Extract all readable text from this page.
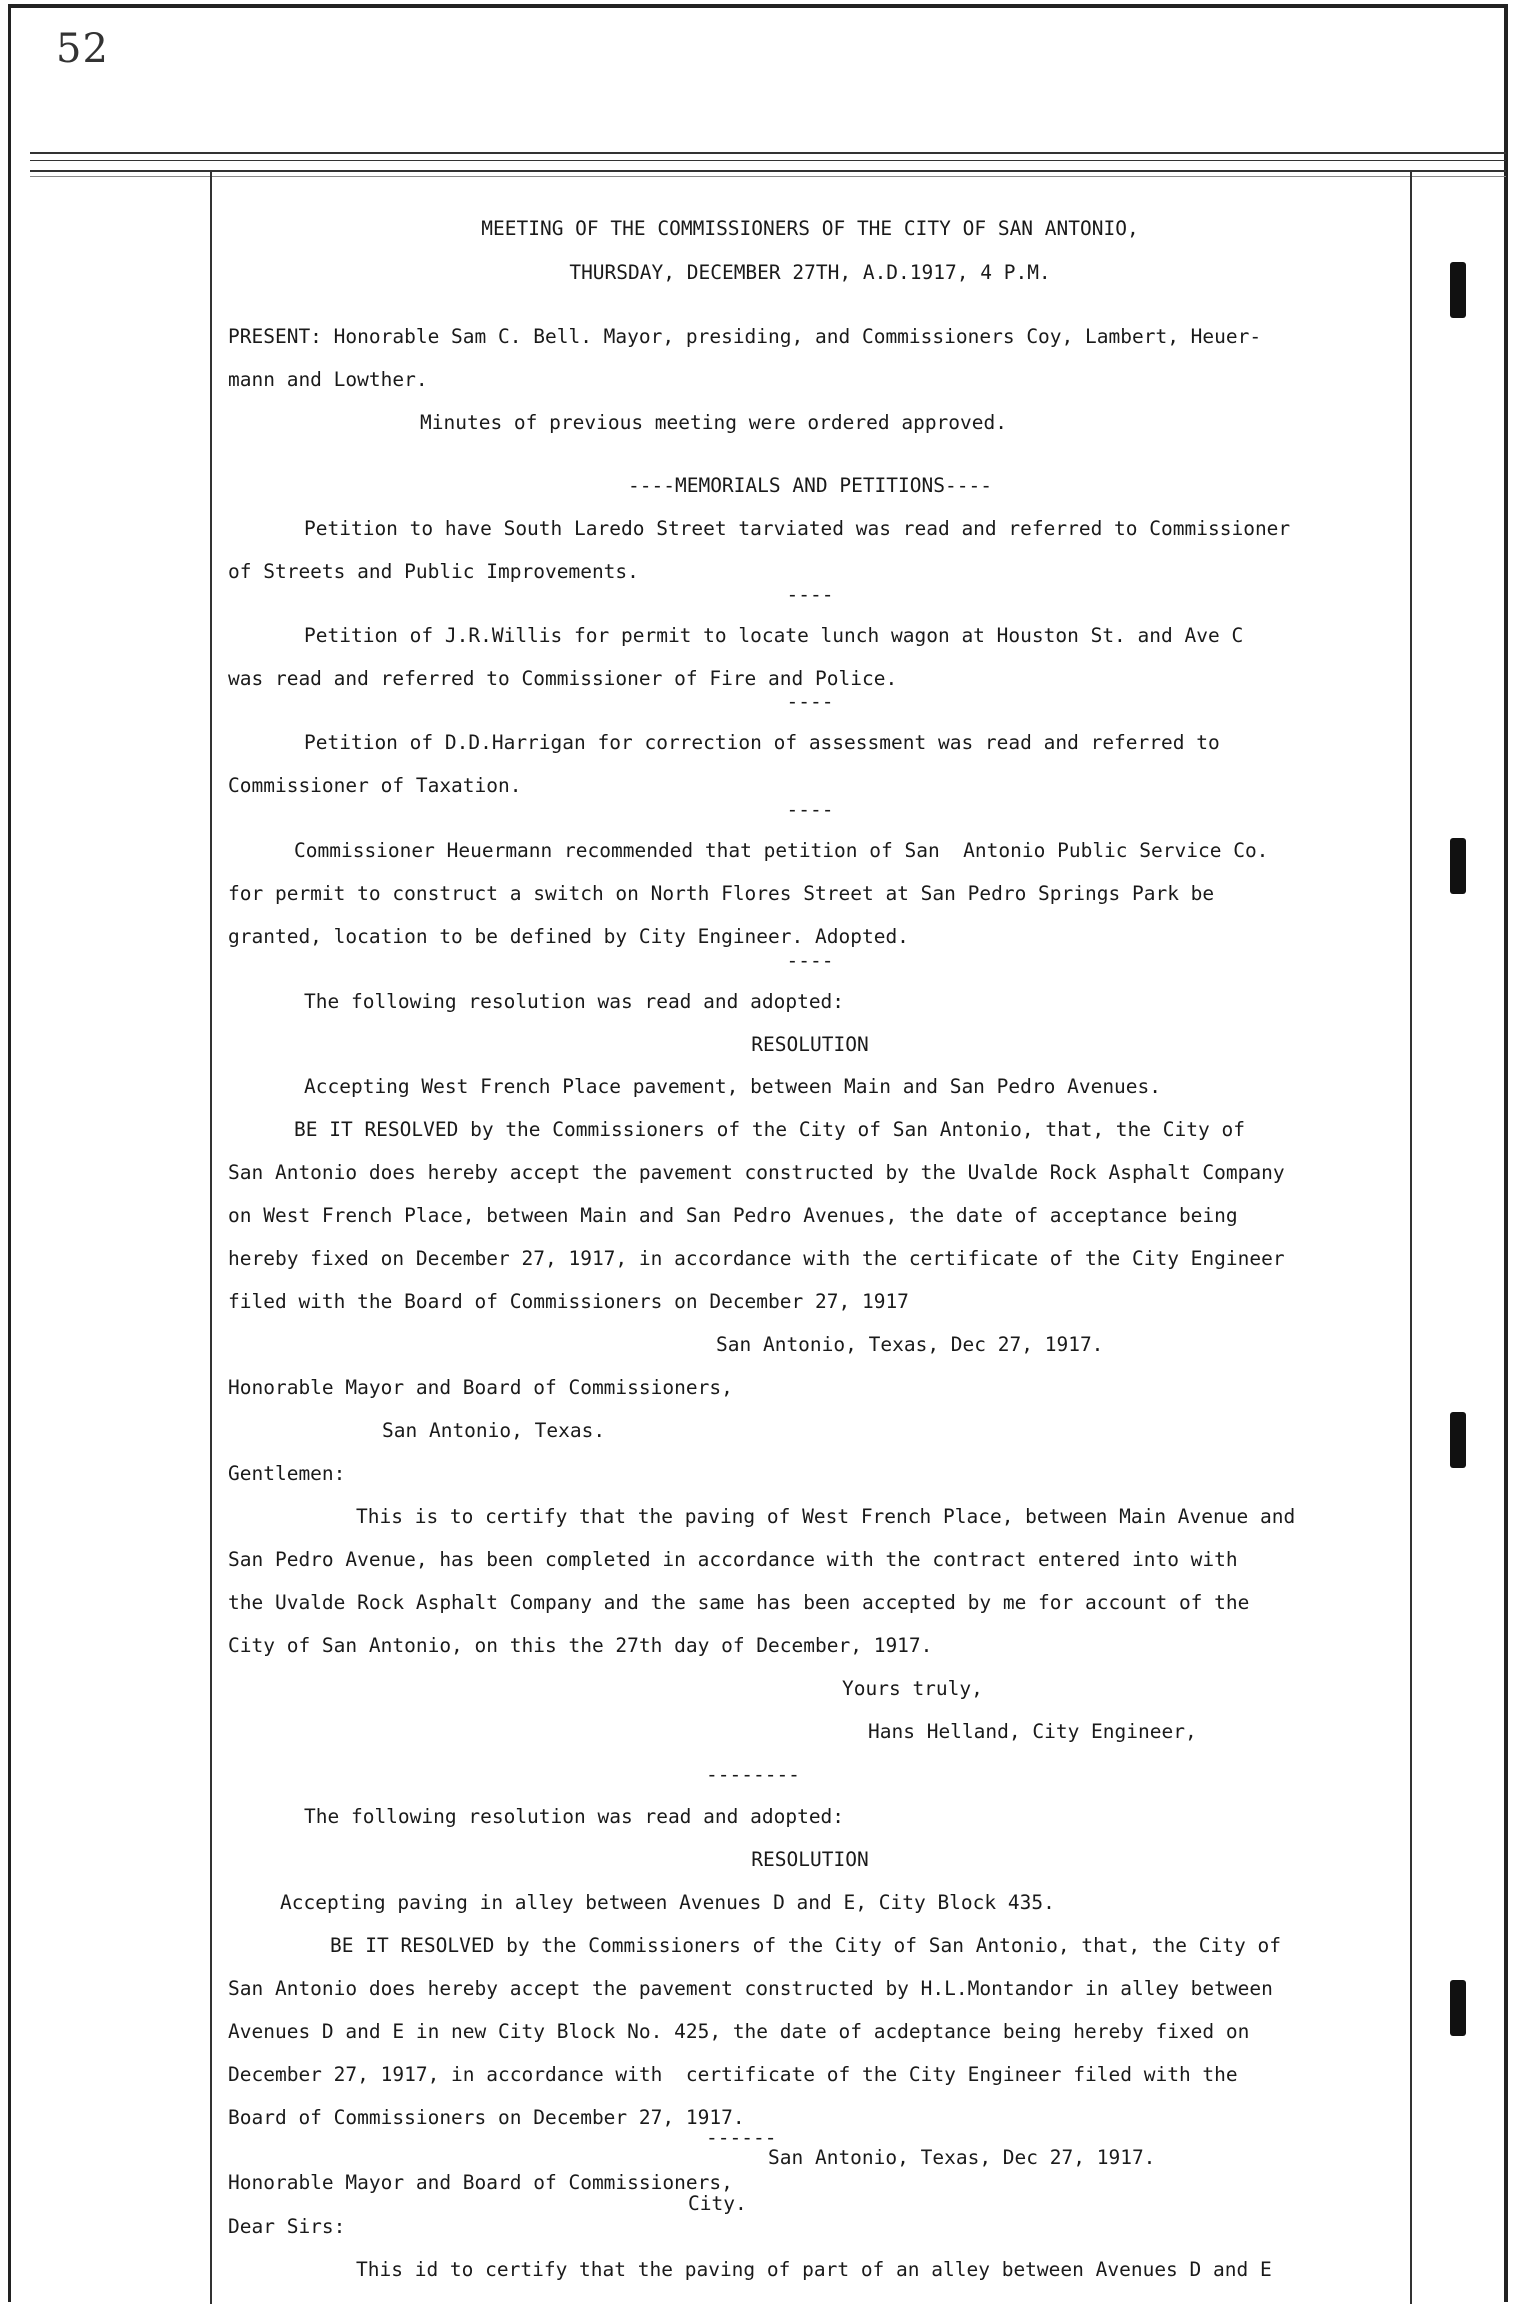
52
MEETING OF THE COMMISSIONERS OF THE CITY OF SAN ANTONIO,
THURSDAY, DECEMBER 27TH, A.D.1917, 4 P.M.
PRESENT: Honorable Sam C. Bell. Mayor, presiding, and Commissioners Coy, Lambert, Heuer-
mann and Lowther.
Minutes of previous meeting were ordered approved.
----MEMORIALS AND PETITIONS----
Petition to have South Laredo Street tarviated was read and referred to Commissioner
of Streets and Public Improvements.
----
Petition of J.R.Willis for permit to locate lunch wagon at Houston St. and Ave C
was read and referred to Commissioner of Fire and Police.
----
Petition of D.D.Harrigan for correction of assessment was read and referred to
Commissioner of Taxation.
----
Commissioner Heuermann recommended that petition of San  Antonio Public Service Co.
for permit to construct a switch on North Flores Street at San Pedro Springs Park be
granted, location to be defined by City Engineer. Adopted.
----
The following resolution was read and adopted:
RESOLUTION
Accepting West French Place pavement, between Main and San Pedro Avenues.
BE IT RESOLVED by the Commissioners of the City of San Antonio, that, the City of
San Antonio does hereby accept the pavement constructed by the Uvalde Rock Asphalt Company
on West French Place, between Main and San Pedro Avenues, the date of acceptance being
hereby fixed on December 27, 1917, in accordance with the certificate of the City Engineer
filed with the Board of Commissioners on December 27, 1917
San Antonio, Texas, Dec 27, 1917.
Honorable Mayor and Board of Commissioners,
San Antonio, Texas.
Gentlemen:
This is to certify that the paving of West French Place, between Main Avenue and
San Pedro Avenue, has been completed in accordance with the contract entered into with
the Uvalde Rock Asphalt Company and the same has been accepted by me for account of the
City of San Antonio, on this the 27th day of December, 1917.
Yours truly,
Hans Helland, City Engineer,
--------
The following resolution was read and adopted:
RESOLUTION
Accepting paving in alley between Avenues D and E, City Block 435.
BE IT RESOLVED by the Commissioners of the City of San Antonio, that, the City of
San Antonio does hereby accept the pavement constructed by H.L.Montandor in alley between
Avenues D and E in new City Block No. 425, the date of acdeptance being hereby fixed on
December 27, 1917, in accordance with  certificate of the City Engineer filed with the
Board of Commissioners on December 27, 1917.
------
San Antonio, Texas, Dec 27, 1917.
Honorable Mayor and Board of Commissioners,
City.
Dear Sirs:
This id to certify that the paving of part of an alley between Avenues D and E
